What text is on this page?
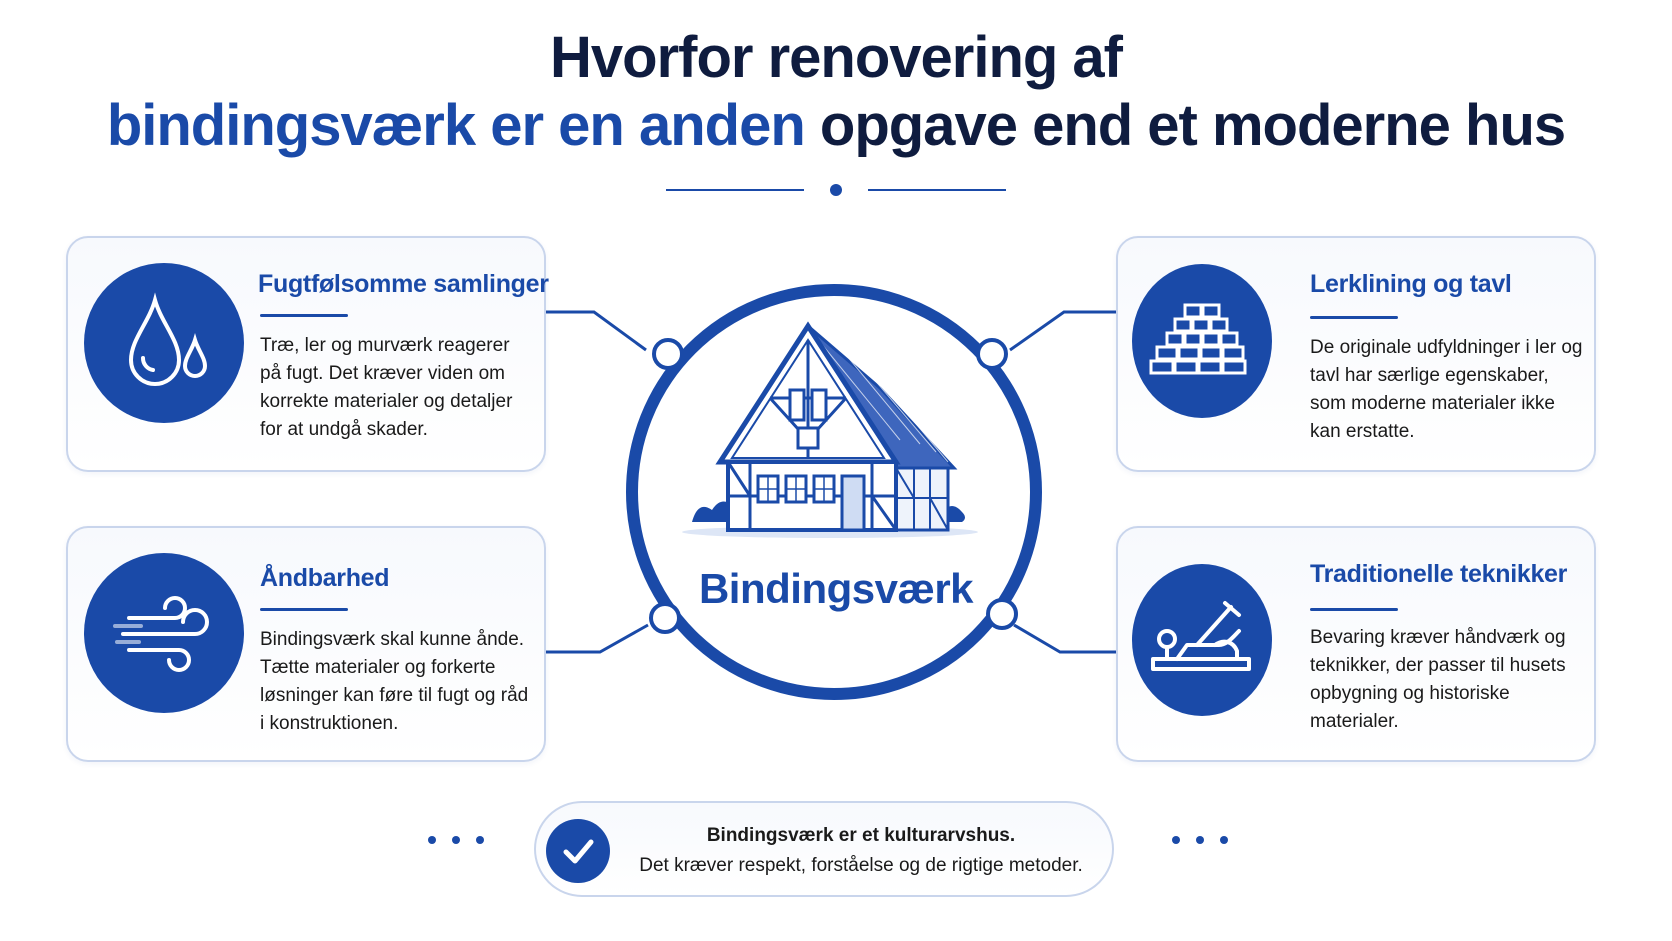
Hvorfor renovering af
bindingsværk er en anden opgave end et moderne hus
Bindingsværk
Fugtfølsomme samlinger
Træ, ler og murværk reagerer på fugt. Det kræver viden om korrekte materialer og detaljer for at undgå skader.
Lerklining og tavl
De originale udfyldninger i ler og tavl har særlige egenskaber, som moderne materialer ikke kan erstatte.
Åndbarhed
Bindingsværk skal kunne ånde. Tætte materialer og forkerte løsninger kan føre til fugt og råd i konstruktionen.
Traditionelle teknikker
Bevaring kræver håndværk og teknikker, der passer til husets opbygning og historiske materialer.
Bindingsværk er et kulturarvshus.
Det kræver respekt, forståelse og de rigtige metoder.
